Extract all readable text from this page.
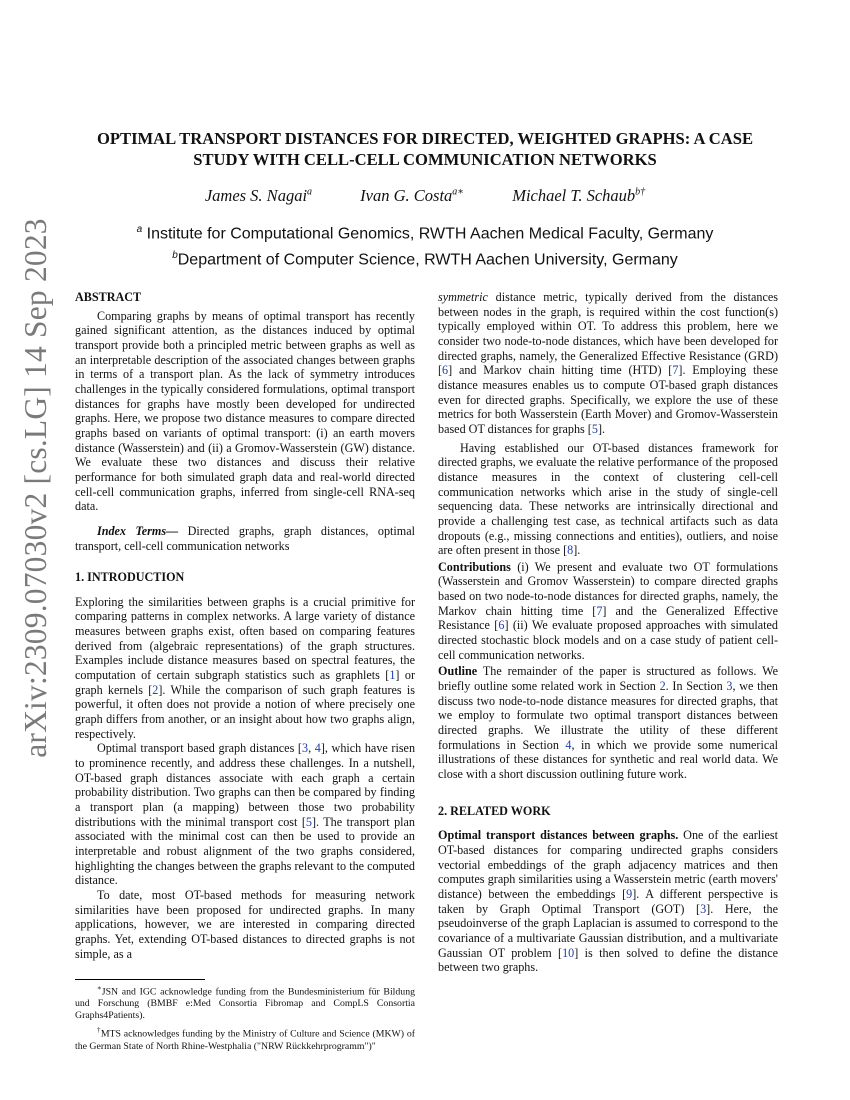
arXiv:2309.07030v2 [cs.LG] 14 Sep 2023
OPTIMAL TRANSPORT DISTANCES FOR DIRECTED, WEIGHTED GRAPHS: A CASE STUDY WITH CELL-CELL COMMUNICATION NETWORKS
James S. Nagai$^a$	Ivan G. Costa$^{a∗}$	Michael T. Schaub$^{b\dagger}$
$^a$ Institute for Computational Genomics, RWTH Aachen Medical Faculty, Germany
$^b$Department of Computer Science, RWTH Aachen University, Germany

ABSTRACT

Comparing graphs by means of optimal transport has recently gained significant attention, as the distances induced by optimal transport provide both a principled metric between graphs as well as an interpretable description of the associated changes between graphs in terms of a transport plan. As the lack of symmetry introduces challenges in the typically considered formulations, optimal transport distances for graphs have mostly been developed for undirected graphs. Here, we propose two distance measures to compare directed graphs based on variants of optimal transport: (i) an earth movers distance (Wasserstein) and (ii) a Gromov-Wasserstein (GW) distance. We evaluate these two distances and discuss their relative performance for both simulated graph data and real-world directed cell-cell communication graphs, inferred from single-cell RNA-seq data.

Index Terms— Directed graphs, graph distances, optimal transport, cell-cell communication networks

1. INTRODUCTION

Exploring the similarities between graphs is a crucial primitive for comparing patterns in complex networks. A large variety of distance measures between graphs exist, often based on comparing features derived from (algebraic representations) of the graph structures. Examples include distance measures based on spectral features, the computation of certain subgraph statistics such as graphlets [1] or graph kernels [2]. While the comparison of such graph features is powerful, it often does not provide a notion of where precisely one graph differs from another, or an insight about how two graphs align, respectively.

Optimal transport based graph distances [3, 4], which have risen to prominence recently, and address these challenges. In a nutshell, OT-based graph distances associate with each graph a certain probability distribution. Two graphs can then be compared by finding a transport plan (a mapping) between those two probability distributions with the minimal transport cost [5]. The transport plan associated with the minimal cost can then be used to provide an interpretable and robust alignment of the two graphs considered, highlighting the changes between the graphs relevant to the computed distance.

To date, most OT-based methods for measuring network similarities have been proposed for undirected graphs. In many applications, however, we are interested in comparing directed graphs. Yet, extending OT-based distances to directed graphs is not simple, as a

∗JSN and IGC acknowledge funding from the Bundesministerium für Bildung und Forschung (BMBF e:Med Consortia Fibromap and CompLS Consortia Graphs4Patients).

†MTS acknowledges funding by the Ministry of Culture and Science (MKW) of the German State of North Rhine-Westphalia ("NRW Rückkehrprogramm")"

symmetric distance metric, typically derived from the distances between nodes in the graph, is required within the cost function(s) typically employed within OT. To address this problem, here we consider two node-to-node distances, which have been developed for directed graphs, namely, the Generalized Effective Resistance (GRD) [6] and Markov chain hitting time (HTD) [7]. Employing these distance measures enables us to compute OT-based graph distances even for directed graphs. Specifically, we explore the use of these metrics for both Wasserstein (Earth Mover) and Gromov-Wasserstein based OT distances for graphs [5].

Having established our OT-based distances framework for directed graphs, we evaluate the relative performance of the proposed distance measures in the context of clustering cell-cell communication networks which arise in the study of single-cell sequencing data. These networks are intrinsically directional and provide a challenging test case, as technical artifacts such as data dropouts (e.g., missing connections and entities), outliers, and noise are often present in those [8].

Contributions (i) We present and evaluate two OT formulations (Wasserstein and Gromov Wasserstein) to compare directed graphs based on two node-to-node distances for directed graphs, namely, the Markov chain hitting time [7] and the Generalized Effective Resistance [6] (ii) We evaluate proposed approaches with simulated directed stochastic block models and on a case study of patient cell-cell communication networks.

Outline The remainder of the paper is structured as follows. We briefly outline some related work in Section 2. In Section 3, we then discuss two node-to-node distance measures for directed graphs, that we employ to formulate two optimal transport distances between directed graphs. We illustrate the utility of these different formulations in Section 4, in which we provide some numerical illustrations of these distances for synthetic and real world data. We close with a short discussion outlining future work.

2. RELATED WORK

Optimal transport distances between graphs. One of the earliest OT-based distances for comparing undirected graphs considers vectorial embeddings of the graph adjacency matrices and then computes graph similarities using a Wasserstein metric (earth movers' distance) between the embeddings [9]. A different perspective is taken by Graph Optimal Transport (GOT) [3]. Here, the pseudoinverse of the graph Laplacian is assumed to correspond to the covariance of a multivariate Gaussian distribution, and a multivariate Gaussian OT problem [10] is then solved to define the distance between two graphs.
